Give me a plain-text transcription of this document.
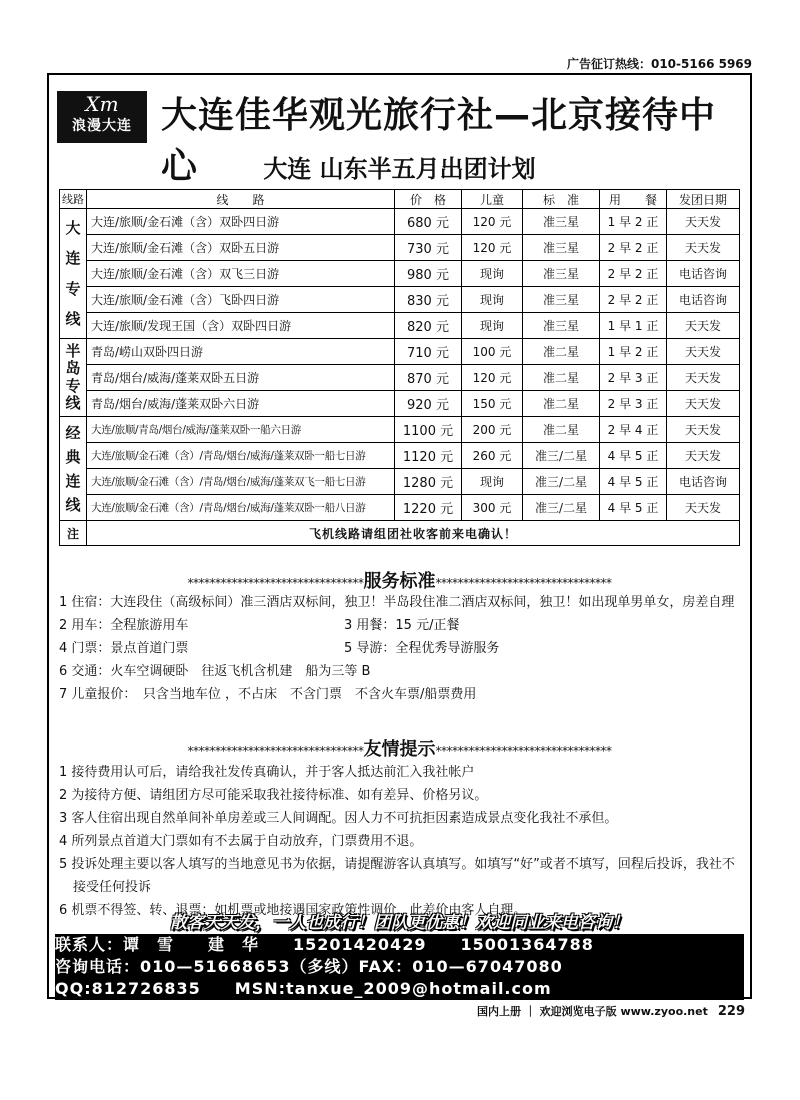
广告征订热线：010-5166 5969
Xm
浪漫大连 大连佳华观光旅行社—北京接待中心	大连 山东半五月出团计划
线路	线　　路	价　格	儿童	标　准	用　　餐	发团日期
大连专线	大连/旅顺/金石滩（含）双卧四日游	680 元	120 元	准三星	1 早 2 正	天天发
	大连/旅顺/金石滩（含）双卧五日游	730 元	120 元	准三星	2 早 2 正	天天发
	大连/旅顺/金石滩（含）双飞三日游	980 元	现询	准三星	2 早 2 正	电话咨询
	大连/旅顺/金石滩（含）飞卧四日游	830 元	现询	准三星	2 早 2 正	电话咨询
	大连/旅顺/发现王国（含）双卧四日游	820 元	现询	准三星	1 早 1 正	天天发
半岛专线	青岛/崂山双卧四日游	710 元	100 元	准二星	1 早 2 正	天天发
	青岛/烟台/威海/蓬莱双卧五日游	870 元	120 元	准二星	2 早 3 正	天天发
	青岛/烟台/威海/蓬莱双卧六日游	920 元	150 元	准二星	2 早 3 正	天天发
经典连线	大连/旅顺/青岛/烟台/威海/蓬莱双卧一船六日游	1100 元	200 元	准二星	2 早 4 正	天天发
	大连/旅顺/金石滩（含）/青岛/烟台/威海/蓬莱双卧一船七日游	1120 元	260 元	准三/二星	4 早 5 正	天天发
	大连/旅顺/金石滩（含）/青岛/烟台/威海/蓬莱双飞一船七日游	1280 元	现询	准三/二星	4 早 5 正	电话咨询
	大连/旅顺/金石滩（含）/青岛/烟台/威海/蓬莱双卧一船八日游	1220 元	300 元	准三/二星	4 早 5 正	天天发
注	飞机线路请组团社收客前来电确认！					
********************************服务标准********************************
1 住宿：大连段住（高级标间）准三酒店双标间，独卫！半岛段住准二酒店双标间，独卫！如出现单男单女，房差自理
2 用车：全程旅游用车	3 用餐：15 元/正餐
4 门票：景点首道门票	5 导游：全程优秀导游服务
6 交通：火车空调硬卧　往返飞机含机建　船为三等 B
7 儿童报价：　只含当地车位 ，不占床　不含门票　不含火车票/船票费用
********************************友情提示********************************
1 接待费用认可后，请给我社发传真确认，并于客人抵达前汇入我社帐户
2 为接待方便、请组团方尽可能采取我社接待标准、如有差异、价格另议。
3 客人住宿出现自然单间补单房差或三人间调配。因人力不可抗拒因素造成景点变化我社不承但。
4 所列景点首道大门票如有不去属于自动放弃，门票费用不退。
5 投诉处理主要以客人填写的当地意见书为依据，请提醒游客认真填写。如填写“好”或者不填写，回程后投诉，我社不接受任何投诉
6 机票不得签、转、退票；如机票或地接遇国家政策性调价，此差价由客人自理。
散客天天发，一人也成行！团队更优惠！欢迎同业来电咨询！
联系人：谭　雪　　建　华　　15201420429　　15001364788
咨询电话：010—51668653（多线）FAX：010—67047080
QQ:812726835　　MSN:tanxue_2009@hotmail.com
国内上册 ｜ 欢迎浏览电子版 www.zyoo.net 229
